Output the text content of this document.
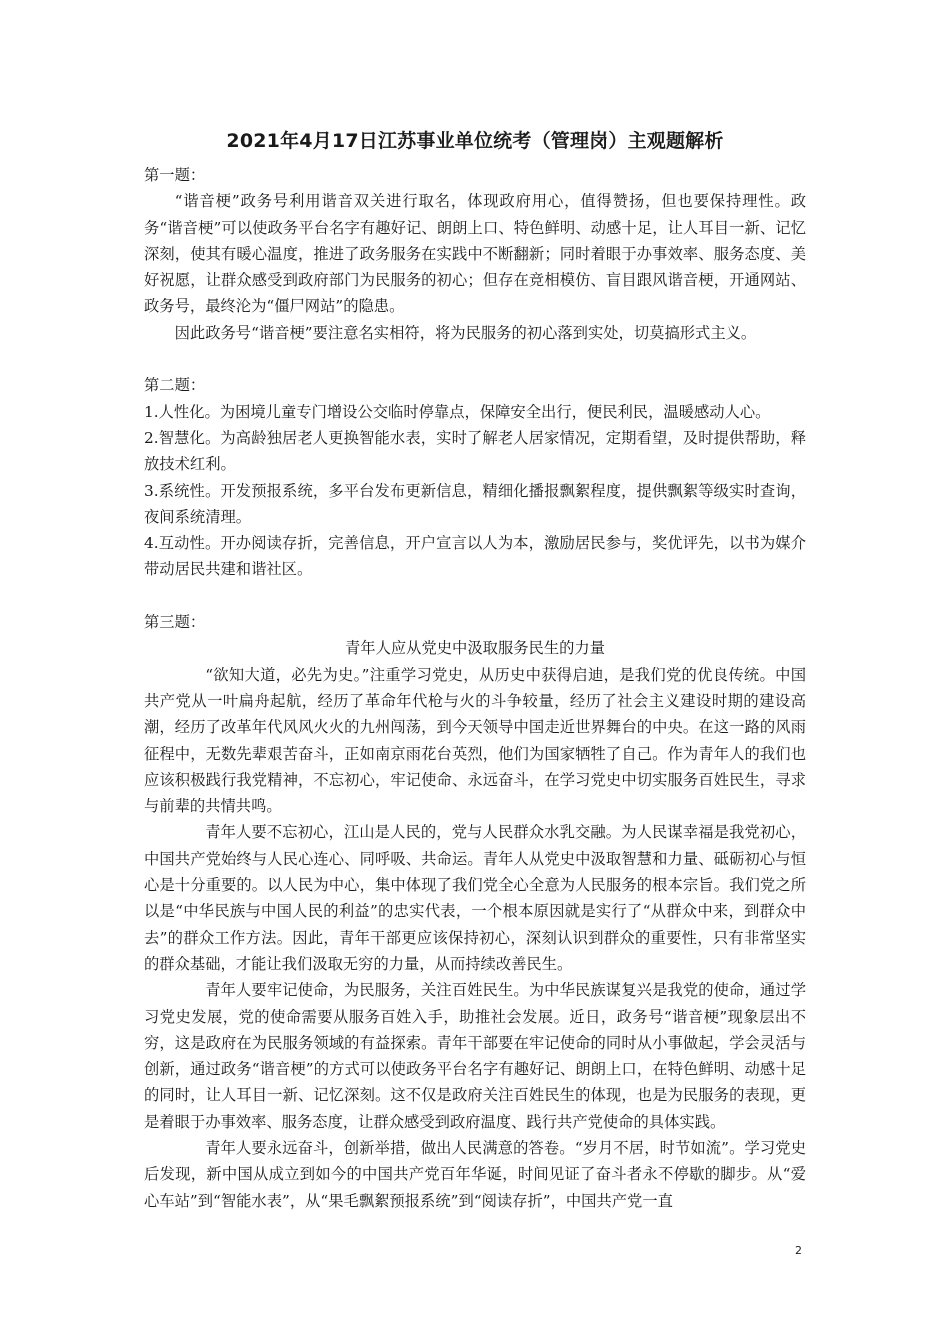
2021年4月17日江苏事业单位统考（管理岗）主观题解析

第一题：

“谐音梗”政务号利用谐音双关进行取名，体现政府用心，值得赞扬，但也要保持理性。政务“谐音梗”可以使政务平台名字有趣好记、朗朗上口、特色鲜明、动感十足，让人耳目一新、记忆深刻，使其有暖心温度，推进了政务服务在实践中不断翻新；同时着眼于办事效率、服务态度、美好祝愿，让群众感受到政府部门为民服务的初心；但存在竞相模仿、盲目跟风谐音梗，开通网站、政务号，最终沦为“僵尸网站”的隐患。

因此政务号“谐音梗”要注意名实相符，将为民服务的初心落到实处，切莫搞形式主义。

第二题：

1.人性化。为困境儿童专门增设公交临时停靠点，保障安全出行，便民利民，温暖感动人心。

2.智慧化。为高龄独居老人更换智能水表，实时了解老人居家情况，定期看望，及时提供帮助，释放技术红利。

3.系统性。开发预报系统，多平台发布更新信息，精细化播报飘絮程度，提供飘絮等级实时查询，夜间系统清理。

4.互动性。开办阅读存折，完善信息，开户宣言以人为本，激励居民参与，奖优评先，以书为媒介带动居民共建和谐社区。

第三题：

青年人应从党史中汲取服务民生的力量

“欲知大道，必先为史。”注重学习党史，从历史中获得启迪，是我们党的优良传统。中国共产党从一叶扁舟起航，经历了革命年代枪与火的斗争较量，经历了社会主义建设时期的建设高潮，经历了改革年代风风火火的九州闯荡，到今天领导中国走近世界舞台的中央。在这一路的风雨征程中，无数先辈艰苦奋斗，正如南京雨花台英烈，他们为国家牺牲了自己。作为青年人的我们也应该积极践行我党精神，不忘初心，牢记使命、永远奋斗，在学习党史中切实服务百姓民生，寻求与前辈的共情共鸣。

青年人要不忘初心，江山是人民的，党与人民群众水乳交融。为人民谋幸福是我党初心，中国共产党始终与人民心连心、同呼吸、共命运。青年人从党史中汲取智慧和力量、砥砺初心与恒心是十分重要的。以人民为中心，集中体现了我们党全心全意为人民服务的根本宗旨。我们党之所以是“中华民族与中国人民的利益”的忠实代表，一个根本原因就是实行了“从群众中来，到群众中去”的群众工作方法。因此，青年干部更应该保持初心，深刻认识到群众的重要性，只有非常坚实的群众基础，才能让我们汲取无穷的力量，从而持续改善民生。

青年人要牢记使命，为民服务，关注百姓民生。为中华民族谋复兴是我党的使命，通过学习党史发展，党的使命需要从服务百姓入手，助推社会发展。近日，政务号“谐音梗”现象层出不穷，这是政府在为民服务领域的有益探索。青年干部要在牢记使命的同时从小事做起，学会灵活与创新，通过政务“谐音梗”的方式可以使政务平台名字有趣好记、朗朗上口，在特色鲜明、动感十足的同时，让人耳目一新、记忆深刻。这不仅是政府关注百姓民生的体现，也是为民服务的表现，更是着眼于办事效率、服务态度，让群众感受到政府温度、践行共产党使命的具体实践。

青年人要永远奋斗，创新举措，做出人民满意的答卷。“岁月不居，时节如流”。学习党史后发现，新中国从成立到如今的中国共产党百年华诞，时间见证了奋斗者永不停歇的脚步。从“爱心车站”到“智能水表”，从“果毛飘絮预报系统”到“阅读存折”，中国共产党一直

2
